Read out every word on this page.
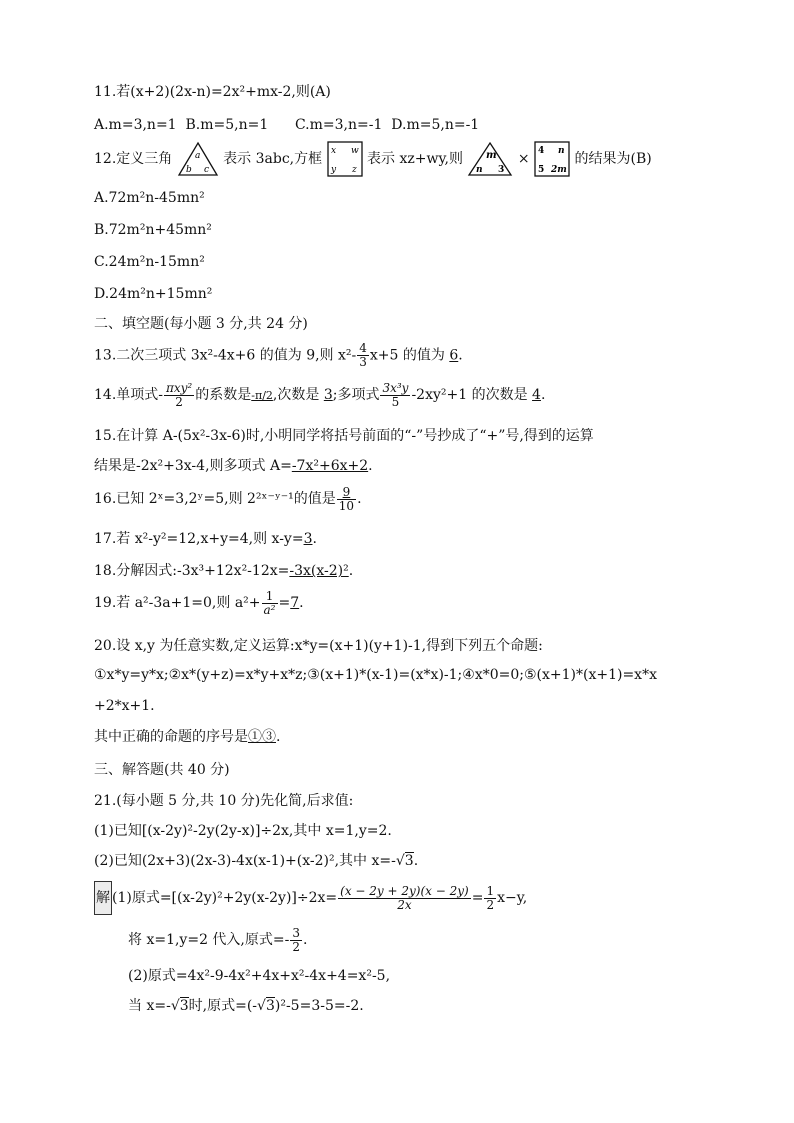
11.若(x+2)(2x-n)=2x²+mx-2,则(A)
A.m=3,n=1 B.m=5,n=1 C.m=3,n=-1 D.m=5,n=-1
12.定义三角 a
b c
表示 3abc,方框 x w
y z
表示 xz+wy,则 m
n 3
× 4 n
5 2m
的结果为(B)
A.72m²n-45mn²
B.72m²n+45mn²
C.24m²n-15mn²
D.24m²n+15mn²
二、填空题(每小题 3 分,共 24 分)
13.二次三项式 3x²-4x+6 的值为 9,则 $x^2- \frac{4}{3} x+5$ 的值为 6.
14.单项式- πxy²
2 的系数是-π/2,次数是 3;多项式 $\frac{\text{3x³y}}{5} -2xy^2+1$ 的次数是 4.
15.在计算 A-(5x²-3x-6)时,小明同学将括号前面的“-”号抄成了“+”号,得到的运算
结果是-2x²+3x-4,则多项式 A=-7x²+6x+2.
16.已知 2ˣ=3,2ʸ=5,则 2²ˣ⁻ʸ⁻¹的值是 $\frac{9}{10}$ .
17.若 x²-y²=12,x+y=4,则 x-y=3.
18.分解因式:-3x³+12x²-12x=-3x(x-2)².
19.若 a²-3a+1=0,则 $a^2+ \frac{1}{\text{a²}} =7$.
20.设 x,y 为任意实数,定义运算:x*y=(x+1)(y+1)-1,得到下列五个命题:
①x*y=y*x;②x*(y+z)=x*y+x*z;③(x+1)*(x-1)=(x*x)-1;④x*0=0;⑤(x+1)*(x+1)=x*x
+2*x+1.
其中正确的命题的序号是①③.
三、解答题(共 40 分)
21.(每小题 5 分,共 10 分)先化简,后求值:
(1)已知[(x-2y)²-2y(2y-x)]÷2x,其中 x=1,y=2.
(2)已知(2x+3)(2x-3)-4x(x-1)+(x-2)²,其中 x=-√3.
解 (1)原式$=[(x-2y)^2+2y(x-2y)]\div 2x= \frac{(x - 2y + 2y)(x - 2y)}{2x} = \frac{1}{2} x-y$,
将 x=1,y=2 代入,原式=- $\frac{3}{2}$ .
(2)原式=4x²-9-4x²+4x+x²-4x+4=x²-5,
当 x=-√3时,原式=(-√3)²-5=3-5=-2.
